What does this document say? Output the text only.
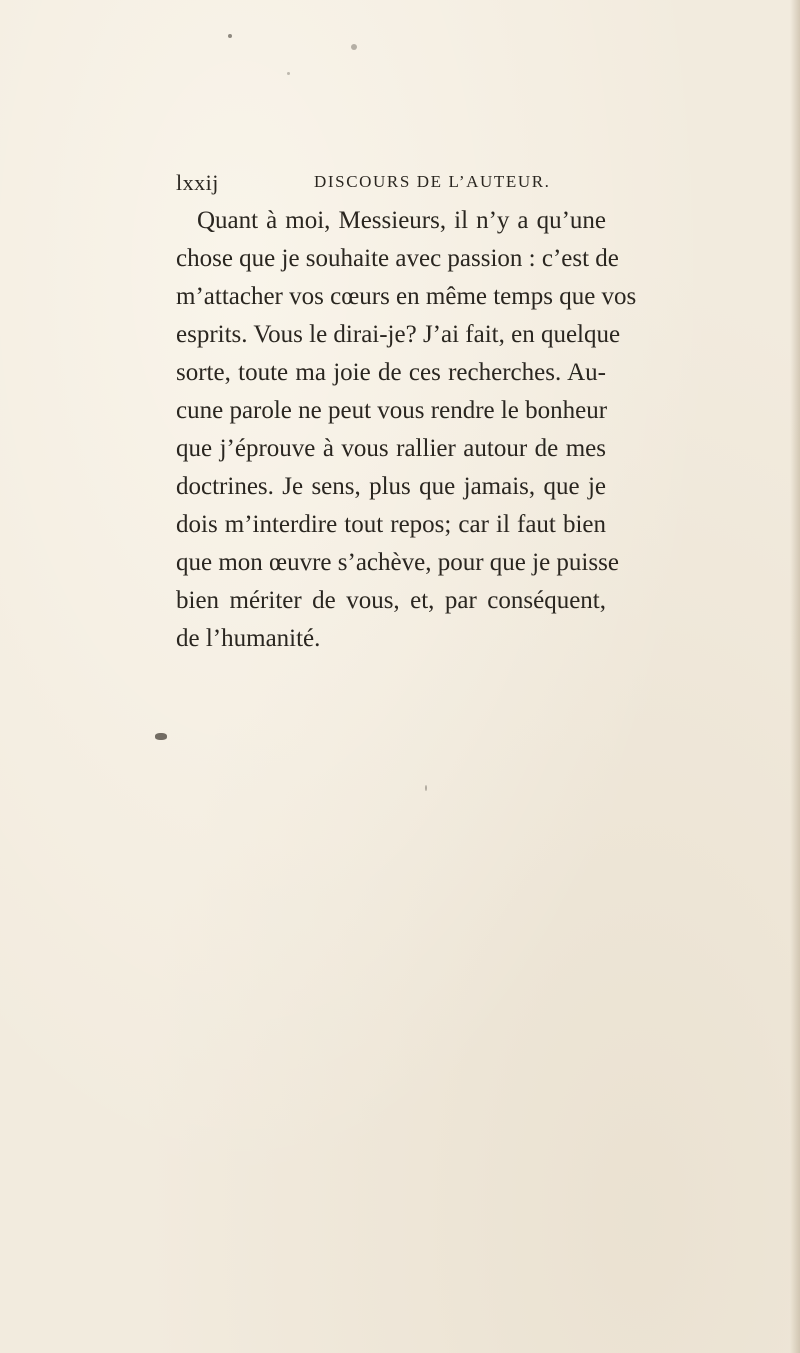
lxxij	DISCOURS DE L’AUTEUR.
Quant à moi, Messieurs, il n’y a qu’une
chose que je souhaite avec passion : c’est de
m’attacher vos cœurs en même temps que vos
esprits. Vous le dirai-je? J’ai fait, en quelque
sorte, toute ma joie de ces recherches. Au-
cune parole ne peut vous rendre le bonheur
que j’éprouve à vous rallier autour de mes
doctrines. Je sens, plus que jamais, que je
dois m’interdire tout repos; car il faut bien
que mon œuvre s’achève, pour que je puisse
bien mériter de vous, et, par conséquent,
de l’humanité.
